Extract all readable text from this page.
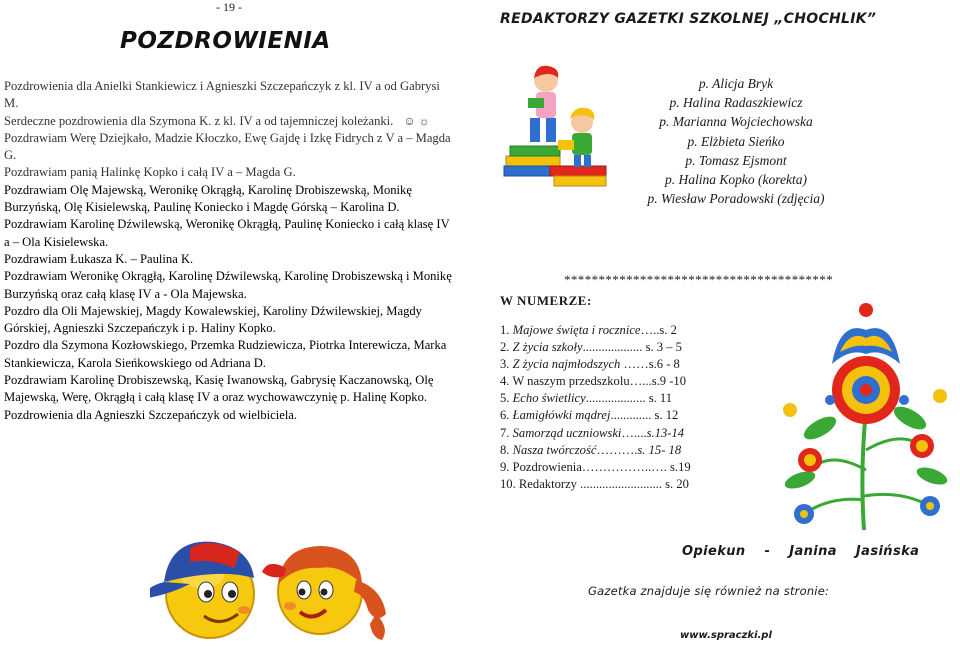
- 19 -
POZDROWIENIA

Pozdrowienia dla Anielki Stankiewicz i Agnieszki Szczepańczyk z kl. IV a od Gabrysi M.

Serdeczne pozdrowienia dla Szymona K. z kl. IV a od tajemniczej koleżanki. ☺ ☼

Pozdrawiam Werę Dziejkało, Madzie Kłoczko, Ewę Gajdę i Izkę Fidrych z V a – Magda G.

Pozdrawiam panią Halinkę Kopko i całą IV a – Magda G.

Pozdrawiam Olę Majewską, Weronikę Okrągłą, Karolinę Drobiszewską, Monikę Burzyńską, Olę Kisielewską, Paulinę Koniecko i Magdę Górską – Karolina D.

Pozdrawiam Karolinę Dźwilewską, Weronikę Okrągłą, Paulinę Koniecko i całą klasę IV a – Ola Kisielewska.

Pozdrawiam Łukasza K. – Paulina K.

Pozdrawiam Weronikę Okrągłą, Karolinę Dźwilewską, Karolinę Drobiszewską i Monikę Burzyńską oraz całą klasę IV a - Ola Majewska.

Pozdro dla Oli Majewskiej, Magdy Kowalewskiej, Karoliny Dźwilewskiej, Magdy Górskiej, Agnieszki Szczepańczyk i p. Haliny Kopko.

Pozdro dla Szymona Kozłowskiego, Przemka Rudziewicza, Piotrka Interewicza, Marka Stankiewicza, Karola Sieńkowskiego od Adriana D.

Pozdrawiam Karolinę Drobiszewską, Kasię Iwanowską, Gabrysię Kaczanowską, Olę Majewską, Werę, Okrągłą i całą klasę IV a oraz wychowawczynię p. Halinę Kopko.

Pozdrowienia dla Agnieszki Szczepańczyk od wielbiciela.

REDAKTORZY GAZETKI SZKOLNEJ „CHOCHLIK”
p. Alicja Bryk
p. Halina Radaszkiewicz
p. Marianna Wojciechowska
p. Elżbieta Sieńko
p. Tomasz Ejsmont
p. Halina Kopko (korekta)
p. Wiesław Poradowski (zdjęcia)
***************************************
W NUMERZE:
1. Majowe święta i rocznice…..s. 2
2. Z życia szkoły................... s. 3 – 5
3. Z życia najmłodszych ……s.6 - 8
4. W naszym przedszkolu…...s.9 -10
5. Echo świetlicy................... s. 11
6. Łamigłówki mądrej............. s. 12
7. Samorząd uczniowski…....s.13-14
8. Nasza twórczość……….s. 15- 18
9. Pozdrowienia……………..…. s.19
10. Redaktorzy .......................... s. 20
Opiekun - Janina Jasińska
Gazetka znajduje się również na stronie:
www.spraczki.pl
